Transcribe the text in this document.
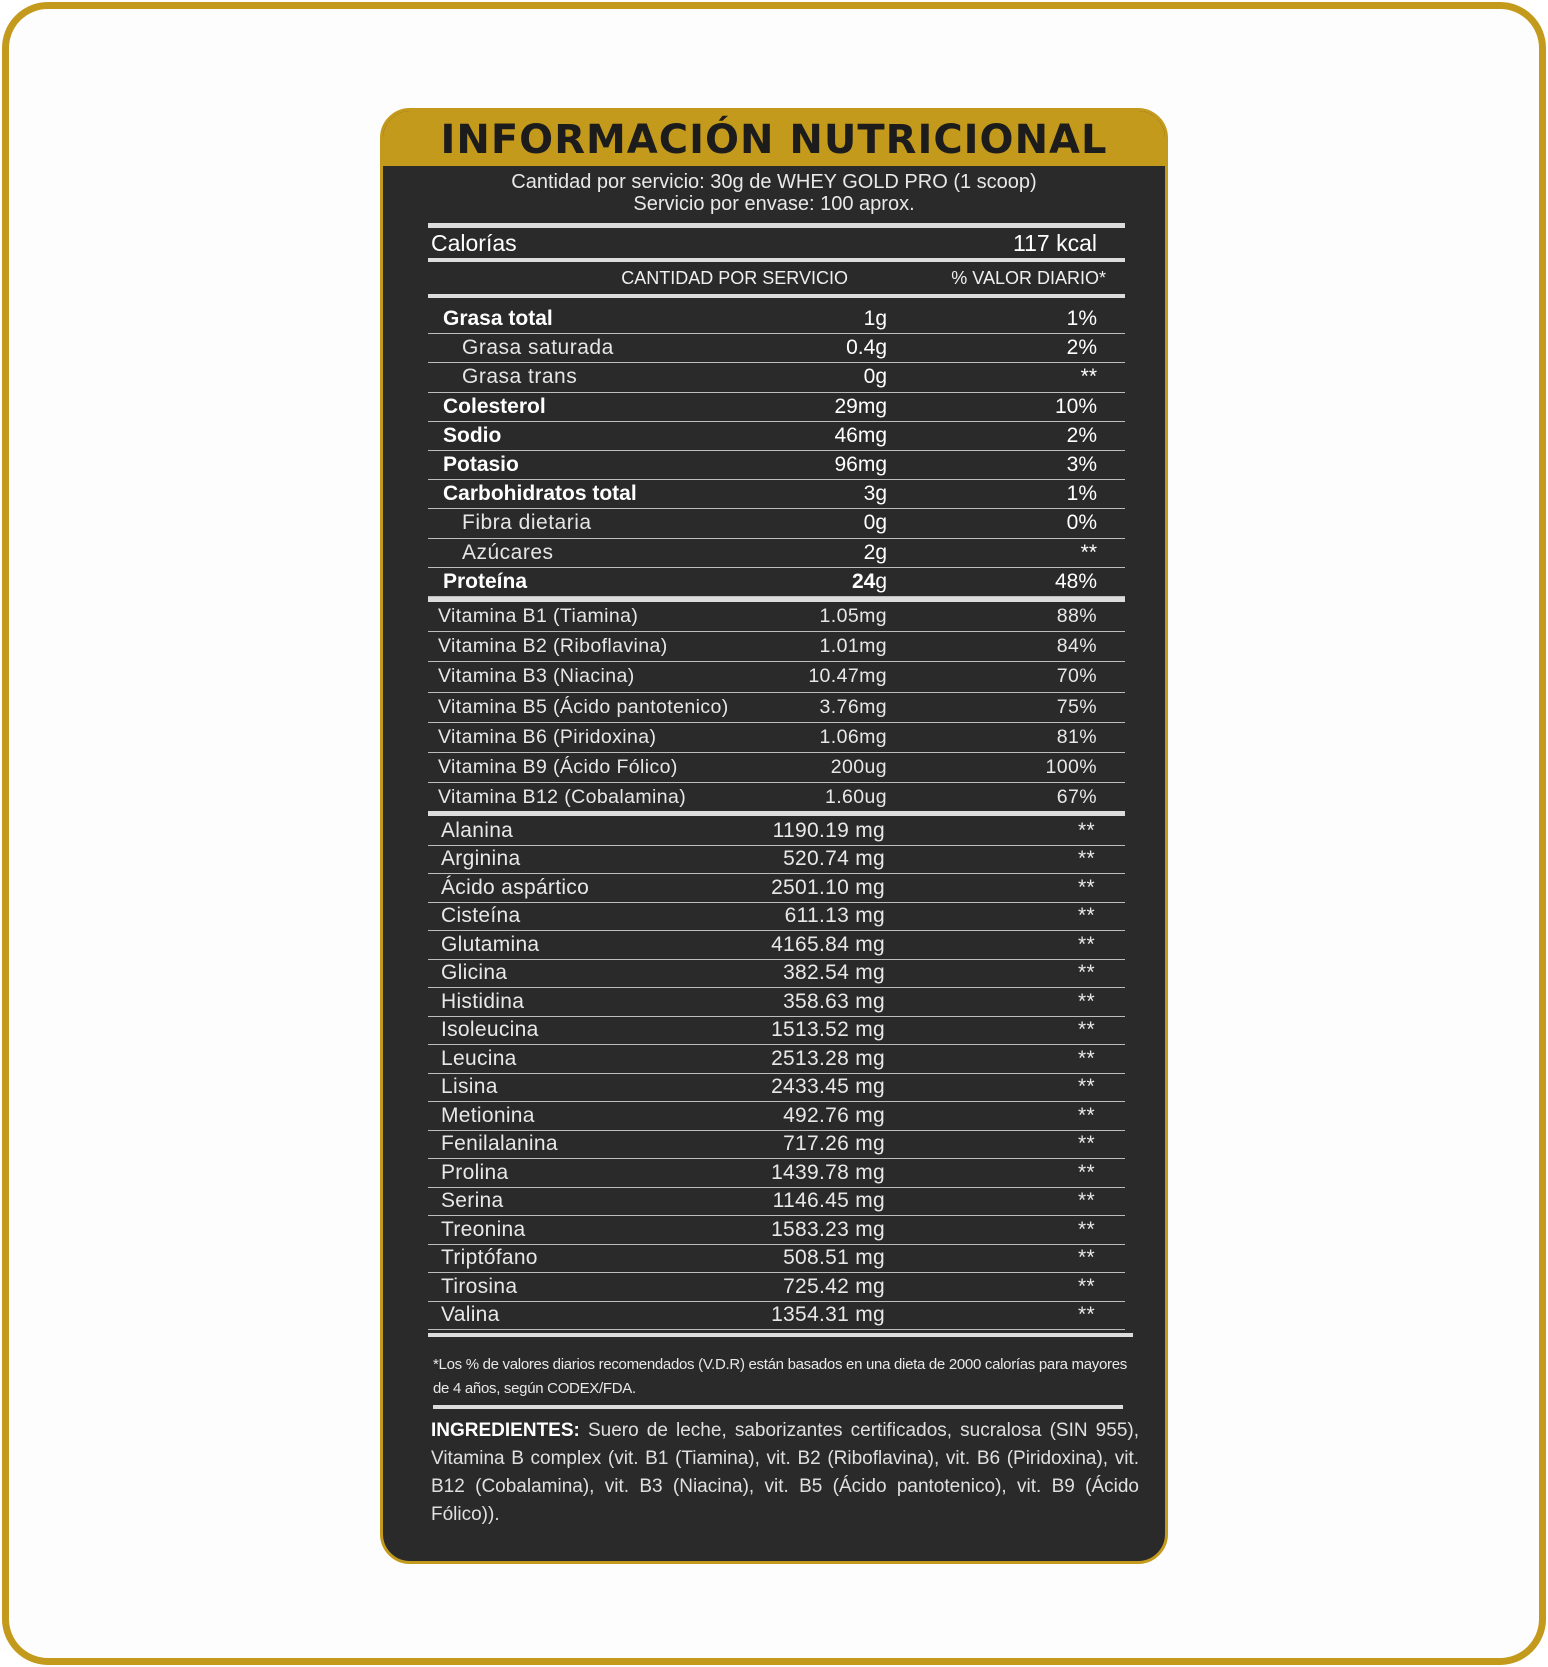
INFORMACIÓN NUTRICIONAL
Cantidad por servicio: 30g de WHEY GOLD PRO (1 scoop)
Servicio por envase: 100 aprox.
Calorías	117 kcal
CANTIDAD POR SERVICIO	% VALOR DIARIO*
Grasa total	1g	1%
Grasa saturada	0.4g	2%
Grasa trans	0g	**
Colesterol	29mg	10%
Sodio	46mg	2%
Potasio	96mg	3%
Carbohidratos total	3g	1%
Fibra dietaria	0g	0%
Azúcares	2g	**
Proteína	24g	48%
Vitamina B1 (Tiamina)	1.05mg	88%
Vitamina B2 (Riboflavina)	1.01mg	84%
Vitamina B3 (Niacina)	10.47mg	70%
Vitamina B5 (Ácido pantotenico)	3.76mg	75%
Vitamina B6 (Piridoxina)	1.06mg	81%
Vitamina B9 (Ácido Fólico)	200ug	100%
Vitamina B12 (Cobalamina)	1.60ug	67%
Alanina	1190.19 mg	**
Arginina	520.74 mg	**
Ácido aspártico	2501.10 mg	**
Cisteína	611.13 mg	**
Glutamina	4165.84 mg	**
Glicina	382.54 mg	**
Histidina	358.63 mg	**
Isoleucina	1513.52 mg	**
Leucina	2513.28 mg	**
Lisina	2433.45 mg	**
Metionina	492.76 mg	**
Fenilalanina	717.26 mg	**
Prolina	1439.78 mg	**
Serina	1146.45 mg	**
Treonina	1583.23 mg	**
Triptófano	508.51 mg	**
Tirosina	725.42 mg	**
Valina	1354.31 mg	**
*Los % de valores diarios recomendados (V.D.R) están basados en una dieta de 2000 calorías para mayores de 4 años, según CODEX/FDA.
INGREDIENTES: Suero de leche, saborizantes certificados, sucralosa (SIN 955), Vitamina B complex (vit. B1 (Tiamina), vit. B2 (Riboflavina), vit. B6 (Piridoxina), vit. B12 (Cobalamina), vit. B3 (Niacina), vit. B5 (Ácido pantotenico), vit. B9 (Ácido Fólico)).
